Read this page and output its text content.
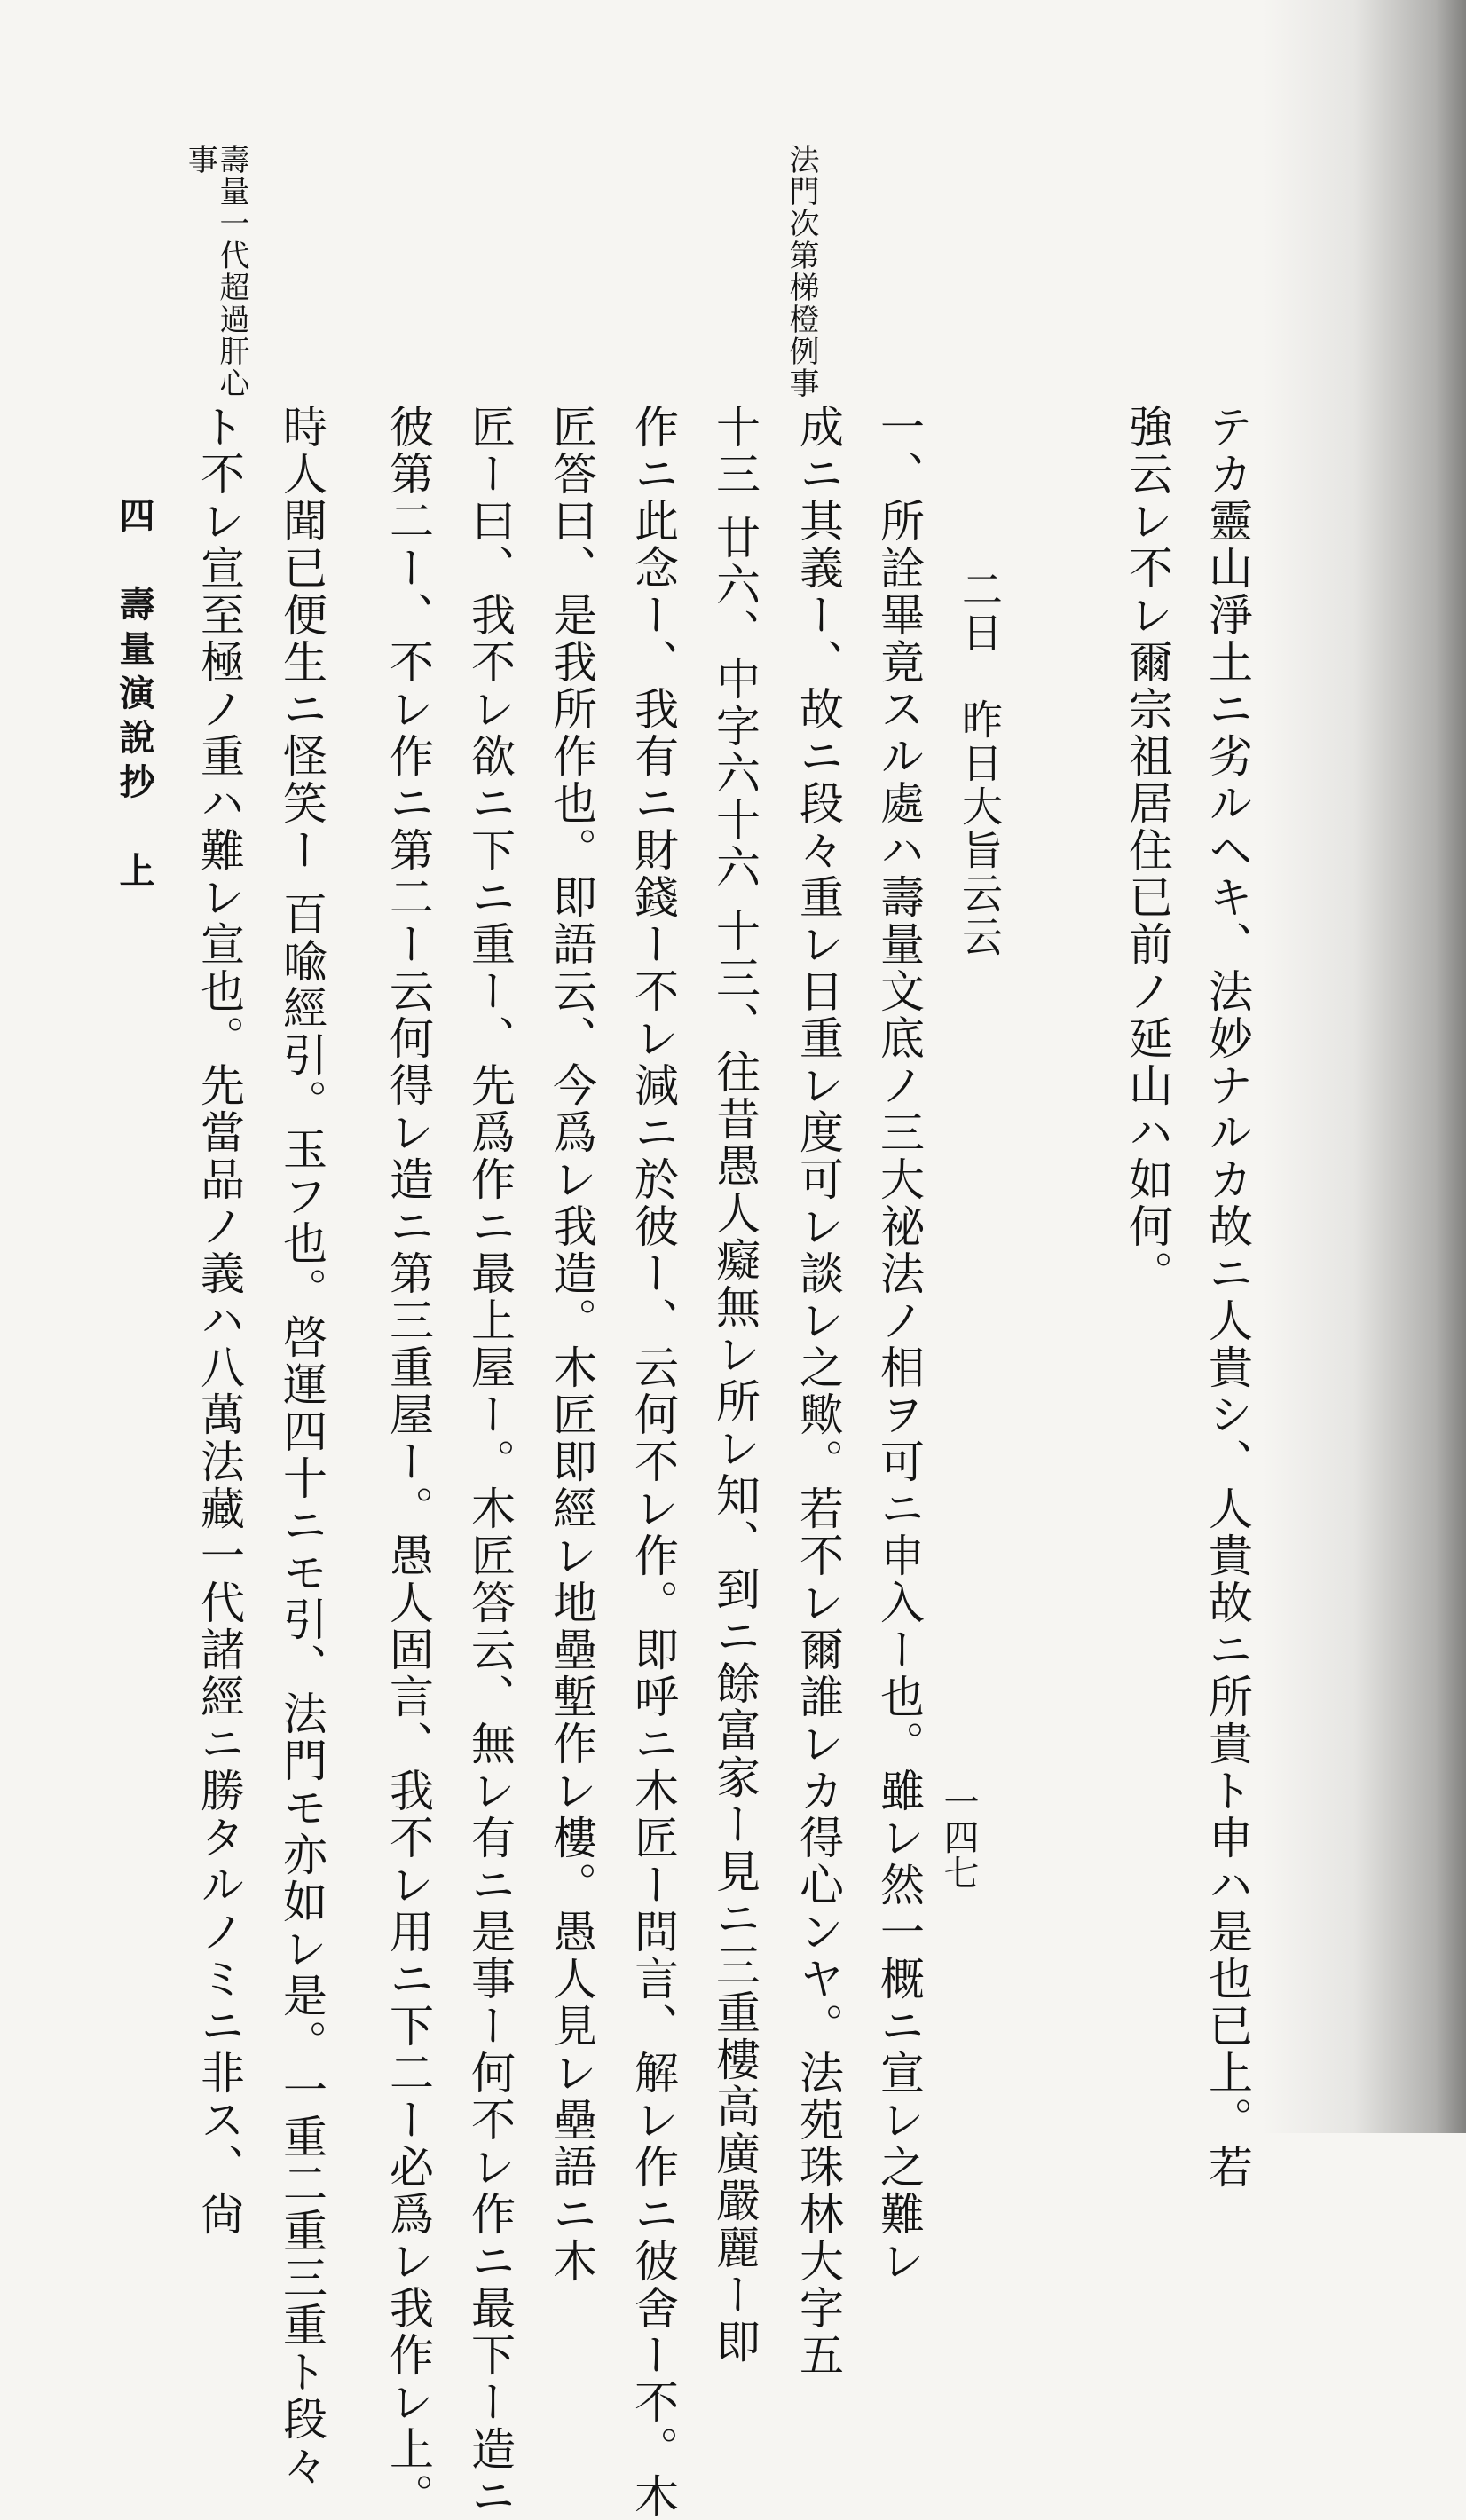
テカ靈山淨土ニ劣ルヘキ、法妙ナルカ故ニ人貴シ、人貴故ニ所貴ト申ハ是也已上。若
強云レ不レ爾宗祖居住已前ノ延山ハ如何。
二日　昨日大旨云云
一、所詮畢竟スル處ハ壽量文底ノ三大祕法ノ相ヲ可ニ申入ー也。雖レ然一概ニ宣レ之難レ
成ニ其義ー、故ニ段々重レ日重レ度可レ談レ之歟。若不レ爾誰レカ得心ンヤ。法苑珠林大字五
十三 廿六、中字六十六 十三、往昔愚人癡無レ所レ知、到ニ餘富家ー見ニ三重樓高廣嚴麗ー即
作ニ此念ー、我有ニ財錢ー不レ減ニ於彼ー、云何不レ作。即呼ニ木匠ー問言、解レ作ニ彼舍ー不。木
匠答曰、是我所作也。即語云、今爲レ我造。木匠即經レ地壘塹作レ樓。愚人見レ壘語ニ木
匠ー曰、我不レ欲ニ下ニ重ー、先爲作ニ最上屋ー。木匠答云、無レ有ニ是事ー何不レ作ニ最下ー造ニ
彼第二ー、不レ作ニ第二ー云何得レ造ニ第三重屋ー。愚人固言、我不レ用ニ下二ー必爲レ我作レ上。
時人聞已便生ニ怪笑ー 百喩經引。玉フ也。啓運四十ニモ引、法門モ亦如レ是。一重二重三重ト段々
ト不レ宣至極ノ重ハ難レ宣也。先當品ノ義ハ八萬法藏一代諸經ニ勝タルノミニ非ス、尙
法門次第梯橙例事
壽量一代超過肝心事
四　壽量演說抄　上
一四七
